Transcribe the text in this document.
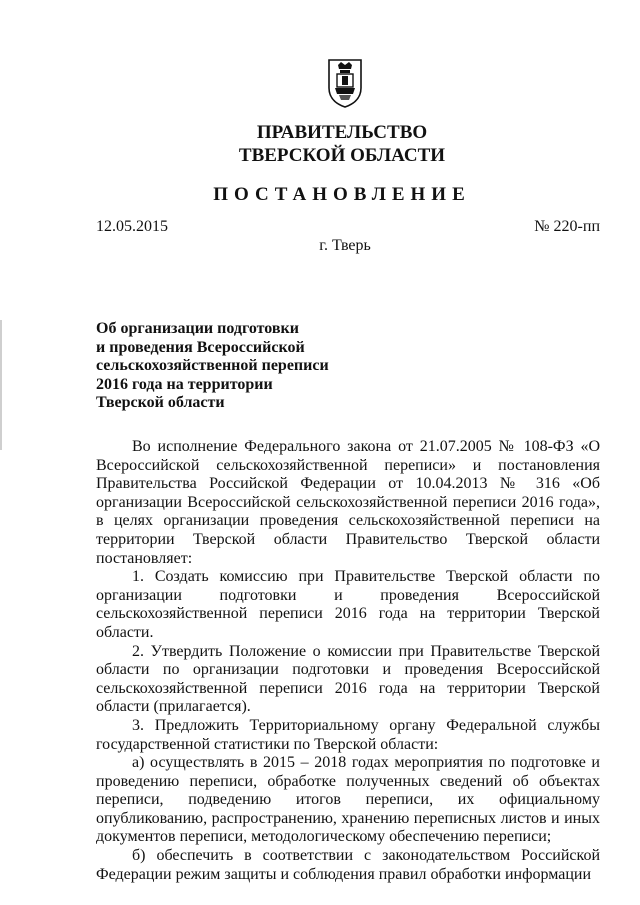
ПРАВИТЕЛЬСТВО
ТВЕРСКОЙ ОБЛАСТИ
ПОСТАНОВЛЕНИЕ
12.05.2015	№ 220-пп
г. Тверь
Об организации подготовки
и проведения Всероссийской
сельскохозяйственной переписи
2016 года на территории
Тверской области

Во исполнение Федерального закона от 21.07.2005 № 108-ФЗ «О Всероссийской сельскохозяйственной переписи» и постановления Правительства Российской Федерации от 10.04.2013 № 316 «Об организации Всероссийской сельскохозяйственной переписи 2016 года», в целях организации проведения сельскохозяйственной переписи на территории Тверской области Правительство Тверской области постановляет:

1. Создать комиссию при Правительстве Тверской области по организации подготовки и проведения Всероссийской сельскохозяйственной переписи 2016 года на территории Тверской области.

2. Утвердить Положение о комиссии при Правительстве Тверской области по организации подготовки и проведения Всероссийской сельскохозяйственной переписи 2016 года на территории Тверской области (прилагается).

3. Предложить Территориальному органу Федеральной службы государственной статистики по Тверской области:

а) осуществлять в 2015 – 2018 годах мероприятия по подготовке и проведению переписи, обработке полученных сведений об объектах переписи, подведению итогов переписи, их официальному опубликованию, распространению, хранению переписных листов и иных документов переписи, методологическому обеспечению переписи;

б) обеспечить в соответствии с законодательством Российской Федерации режим защиты и соблюдения правил обработки информации
